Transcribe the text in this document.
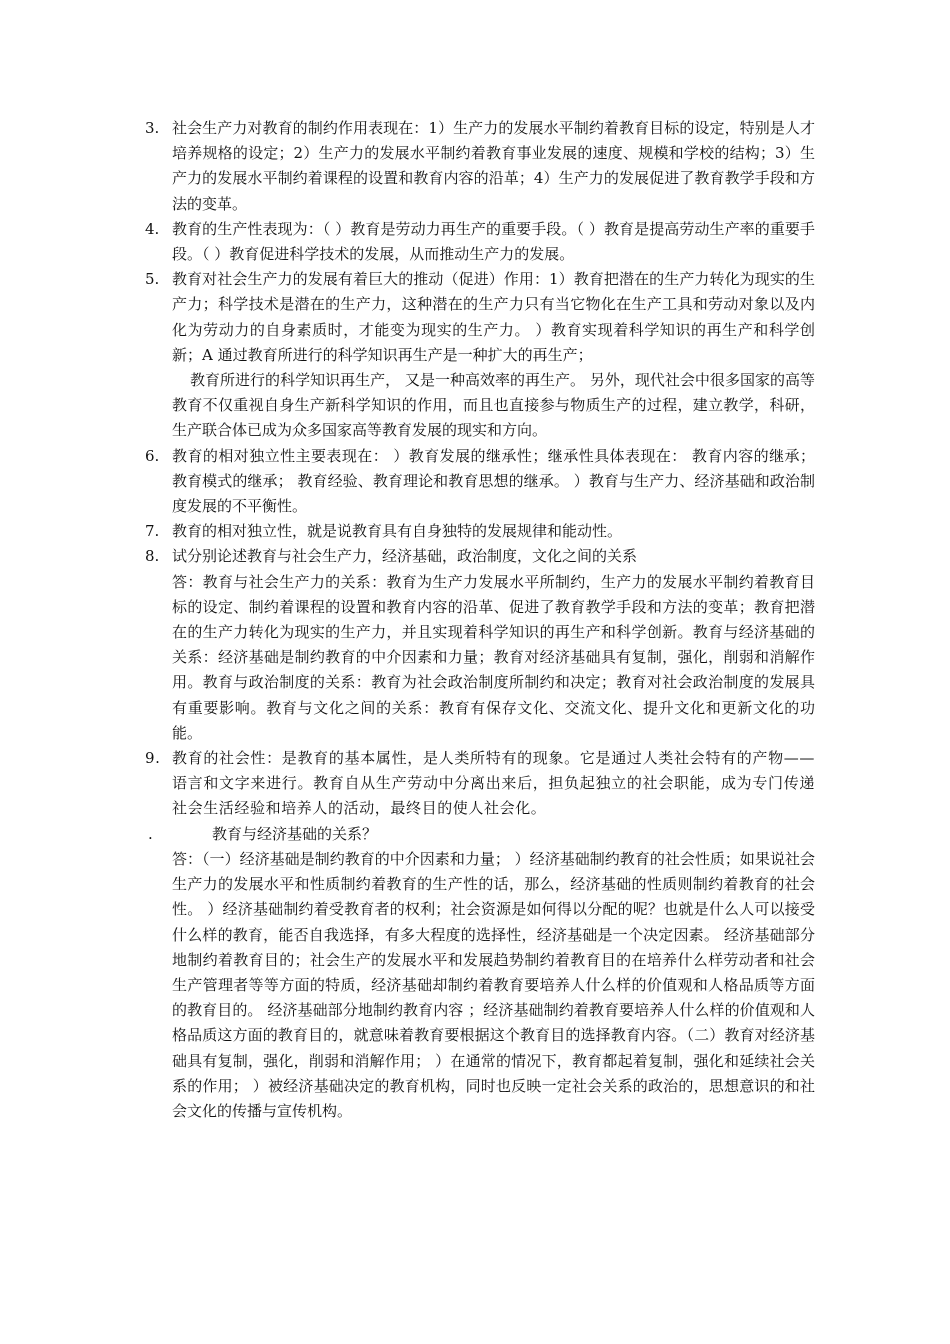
3. 社会生产力对教育的制约作用表现在：1）生产力的发展水平制约着教育目标的设定，特别是人才培养规格的设定；2）生产力的发展水平制约着教育事业发展的速度、规模和学校的结构；3）生产力的发展水平制约着课程的设置和教育内容的沿革；4）生产力的发展促进了教育教学手段和方法的变革。
4. 教育的生产性表现为：（ ）教育是劳动力再生产的重要手段。（ ）教育是提高劳动生产率的重要手段。（ ）教育促进科学技术的发展，从而推动生产力的发展。
5. 教育对社会生产力的发展有着巨大的推动（促进）作用：1）教育把潜在的生产力转化为现实的生产力；科学技术是潜在的生产力，这种潜在的生产力只有当它物化在生产工具和劳动对象以及内化为劳动力的自身素质时，才能变为现实的生产力。 ）教育实现着科学知识的再生产和科学创新；A 通过教育所进行的科学知识再生产是一种扩大的再生产；
教育所进行的科学知识再生产， 又是一种高效率的再生产。 另外，现代社会中很多国家的高等教育不仅重视自身生产新科学知识的作用，而且也直接参与物质生产的过程，建立教学，科研，生产联合体已成为众多国家高等教育发展的现实和方向。
6. 教育的相对独立性主要表现在： ）教育发展的继承性；继承性具体表现在： 教育内容的继承； 教育模式的继承； 教育经验、教育理论和教育思想的继承。 ）教育与生产力、经济基础和政治制度发展的不平衡性。
7. 教育的相对独立性，就是说教育具有自身独特的发展规律和能动性。
8. 试分别论述教育与社会生产力，经济基础，政治制度，文化之间的关系
答：教育与社会生产力的关系：教育为生产力发展水平所制约，生产力的发展水平制约着教育目标的设定、制约着课程的设置和教育内容的沿革、促进了教育教学手段和方法的变革；教育把潜在的生产力转化为现实的生产力，并且实现着科学知识的再生产和科学创新。教育与经济基础的关系：经济基础是制约教育的中介因素和力量；教育对经济基础具有复制，强化，削弱和消解作用。教育与政治制度的关系：教育为社会政治制度所制约和决定；教育对社会政治制度的发展具有重要影响。教育与文化之间的关系：教育有保存文化、交流文化、提升文化和更新文化的功能。
9. 教育的社会性：是教育的基本属性，是人类所特有的现象。它是通过人类社会特有的产物——语言和文字来进行。教育自从生产劳动中分离出来后，担负起独立的社会职能，成为专门传递社会生活经验和培养人的活动，最终目的使人社会化。
.	教育与经济基础的关系？
答：（一）经济基础是制约教育的中介因素和力量； ）经济基础制约教育的社会性质；如果说社会生产力的发展水平和性质制约着教育的生产性的话，那么，经济基础的性质则制约着教育的社会性。 ）经济基础制约着受教育者的权利；社会资源是如何得以分配的呢？也就是什么人可以接受什么样的教育，能否自我选择，有多大程度的选择性，经济基础是一个决定因素。 经济基础部分地制约着教育目的；社会生产的发展水平和发展趋势制约着教育目的在培养什么样劳动者和社会生产管理者等等方面的特质，经济基础却制约着教育要培养人什么样的价值观和人格品质等方面的教育目的。 经济基础部分地制约教育内容 ；经济基础制约着教育要培养人什么样的价值观和人格品质这方面的教育目的，就意味着教育要根据这个教育目的选择教育内容。（二）教育对经济基础具有复制，强化，削弱和消解作用； ）在通常的情况下，教育都起着复制，强化和延续社会关系的作用； ）被经济基础决定的教育机构，同时也反映一定社会关系的政治的，思想意识的和社会文化的传播与宣传机构。
